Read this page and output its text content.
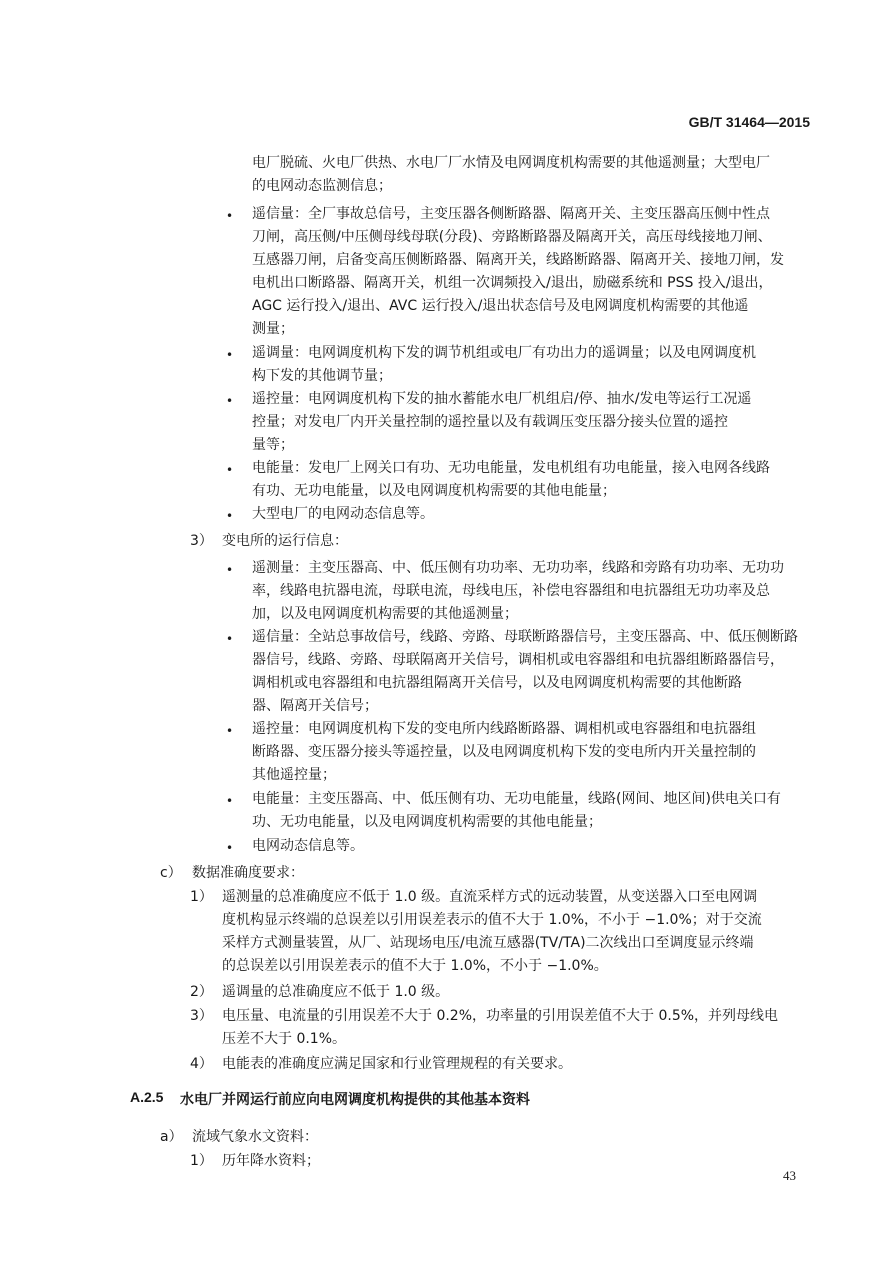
GB/T 31464—2015
电厂脱硫、火电厂供热、水电厂厂水情及电网调度机构需要的其他遥测量；大型电厂
的电网动态监测信息；
• 遥信量：全厂事故总信号，主变压器各侧断路器、隔离开关、主变压器高压侧中性点
刀闸，高压侧/中压侧母线母联(分段)、旁路断路器及隔离开关，高压母线接地刀闸、
互感器刀闸，启备变高压侧断路器、隔离开关，线路断路器、隔离开关、接地刀闸，发
电机出口断路器、隔离开关，机组一次调频投入/退出，励磁系统和 PSS 投入/退出，
AGC 运行投入/退出、AVC 运行投入/退出状态信号及电网调度机构需要的其他遥
测量；
• 遥调量：电网调度机构下发的调节机组或电厂有功出力的遥调量；以及电网调度机
构下发的其他调节量；
• 遥控量：电网调度机构下发的抽水蓄能水电厂机组启/停、抽水/发电等运行工况遥
控量；对发电厂内开关量控制的遥控量以及有载调压变压器分接头位置的遥控
量等；
• 电能量：发电厂上网关口有功、无功电能量，发电机组有功电能量，接入电网各线路
有功、无功电能量，以及电网调度机构需要的其他电能量；
• 大型电厂的电网动态信息等。
3） 变电所的运行信息：
• 遥测量：主变压器高、中、低压侧有功功率、无功功率，线路和旁路有功功率、无功功
率，线路电抗器电流，母联电流，母线电压，补偿电容器组和电抗器组无功功率及总
加，以及电网调度机构需要的其他遥测量；
• 遥信量：全站总事故信号，线路、旁路、母联断路器信号，主变压器高、中、低压侧断路
器信号，线路、旁路、母联隔离开关信号，调相机或电容器组和电抗器组断路器信号，
调相机或电容器组和电抗器组隔离开关信号，以及电网调度机构需要的其他断路
器、隔离开关信号；
• 遥控量：电网调度机构下发的变电所内线路断路器、调相机或电容器组和电抗器组
断路器、变压器分接头等遥控量，以及电网调度机构下发的变电所内开关量控制的
其他遥控量；
• 电能量：主变压器高、中、低压侧有功、无功电能量，线路(网间、地区间)供电关口有
功、无功电能量，以及电网调度机构需要的其他电能量；
• 电网动态信息等。
c） 数据准确度要求：
1） 遥测量的总准确度应不低于 1.0 级。直流采样方式的远动装置，从变送器入口至电网调
度机构显示终端的总误差以引用误差表示的值不大于 1.0%，不小于 −1.0%；对于交流
采样方式测量装置，从厂、站现场电压/电流互感器(TV/TA)二次线出口至调度显示终端
的总误差以引用误差表示的值不大于 1.0%，不小于 −1.0%。
2） 遥调量的总准确度应不低于 1.0 级。
3） 电压量、电流量的引用误差不大于 0.2%，功率量的引用误差值不大于 0.5%，并列母线电
压差不大于 0.1%。
4） 电能表的准确度应满足国家和行业管理规程的有关要求。
A.2.5 水电厂并网运行前应向电网调度机构提供的其他基本资料
a） 流域气象水文资料：
1） 历年降水资料；
43
